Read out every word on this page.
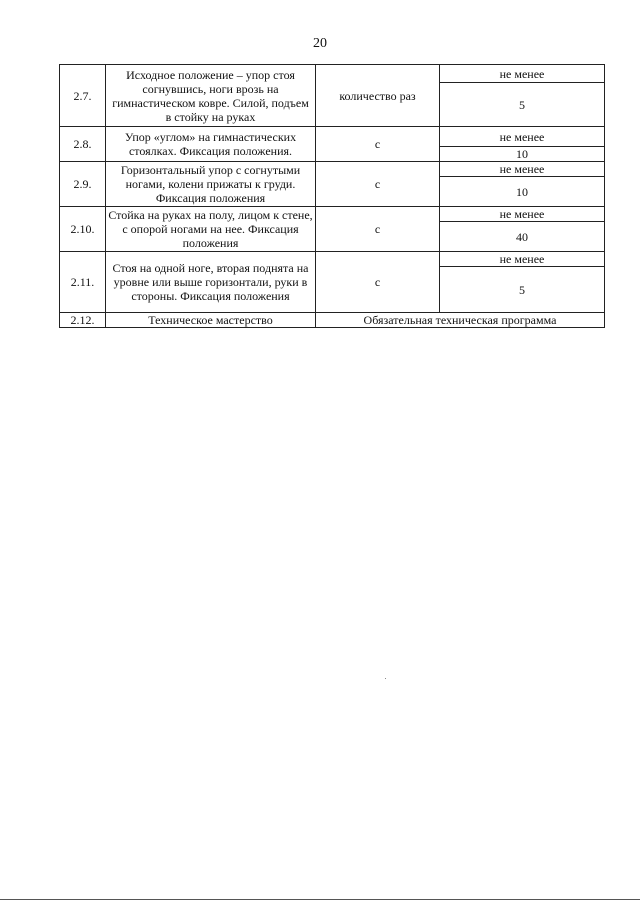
20
2.7.	Исходное положение – упор стоя согнувшись, ноги врозь на гимнастическом ковре. Силой, подъем в стойку на руках	количество раз	не менее
			5
2.8.	Упор «углом» на гимнастических стоялках. Фиксация положения.	с	не менее
			10
2.9.	Горизонтальный упор с согнутыми ногами, колени прижаты к груди. Фиксация положения	с	не менее
			10
2.10.	Стойка на руках на полу, лицом к стене, с опорой ногами на нее. Фиксация положения	с	не менее
			40
2.11.	Стоя на одной ноге, вторая поднята на уровне или выше горизонтали, руки в стороны. Фиксация положения	с	не менее
			5
2.12.	Техническое мастерство	Обязательная техническая программа	
